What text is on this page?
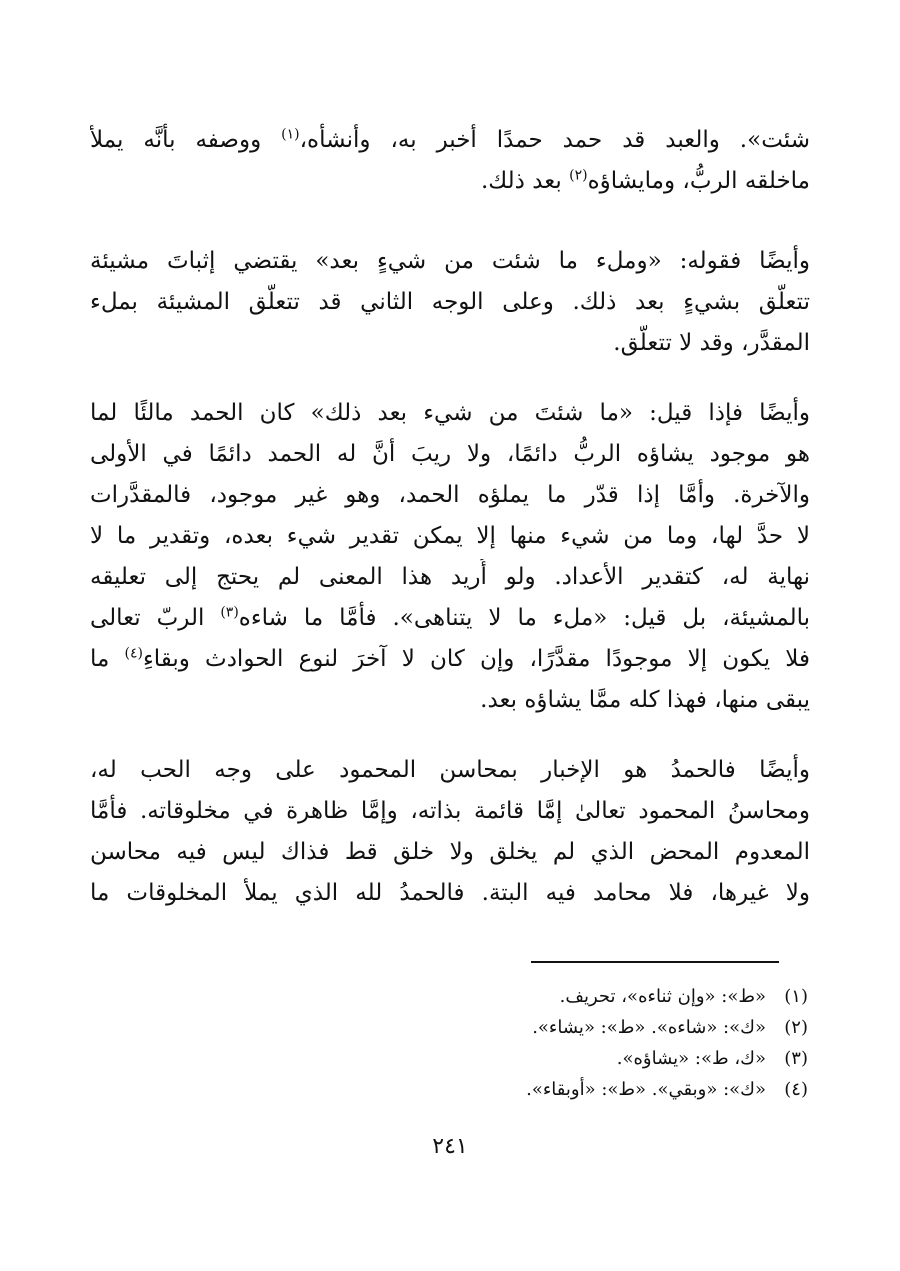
شئت». والعبد قد حمد حمدًا أخبر به، وأنشأه،$^{(١)}$ ووصفه بأنَّه يملأ
ماخلقه الربُّ، ومايشاؤه$^{(٢)}$ بعد ذلك.
وأيضًا فقوله: «وملء ما شئت من شيءٍ بعد» يقتضي إثباتَ مشيئة
تتعلَّق بشيءٍ بعد ذلك. وعلى الوجه الثاني قد تتعلَّق المشيئة بملء
المقدَّر، وقد لا تتعلَّق.
وأيضًا فإذا قيل: «ما شئتَ من شيء بعد ذلك» كان الحمد مالئًا لما
هو موجود يشاؤه الربُّ دائمًا، ولا ريبَ أنَّ له الحمد دائمًا في الأولى
والآخرة. وأمَّا إذا قدّر ما يملؤه الحمد، وهو غير موجود، فالمقدَّرات
لا حدَّ لها، وما من شيء منها إلا يمكن تقدير شيء بعده، وتقدير ما لا
نهاية له، كتقدير الأعداد. ولو أُريد هذا المعنى لم يحتج إلى تعليقه
بالمشيئة، بل قيل: «ملء ما لا يتناهى». فأمَّا ما شاءه$^{(٣)}$ الربّ تعالى
فلا يكون إلا موجودًا مقدَّرًا، وإن كان لا آخرَ لنوع الحوادث وبقاءِ$^{(٤)}$ ما
يبقى منها، فهذا كله ممَّا يشاؤه بعد.
وأيضًا فالحمدُ هو الإخبار بمحاسن المحمود على وجه الحب له،
ومحاسنُ المحمود تعالىٰ إمَّا قائمة بذاته، وإمَّا ظاهرة في مخلوقاته. فأمَّا
المعدوم المحض الذي لم يخلق ولا خلق قط فذاك ليس فيه محاسن
ولا غيرها، فلا محامد فيه البتة. فالحمدُ لله الذي يملأ المخلوقات ما
(١)«ط»: «وإن ثناءه»، تحريف.
(٢)«ك»: «شاءه». «ط»: «يشاء».
(٣)«ك، ط»: «يشاؤه».
(٤)«ك»: «وبقي». «ط»: «أوبقاء».
٢٤١
